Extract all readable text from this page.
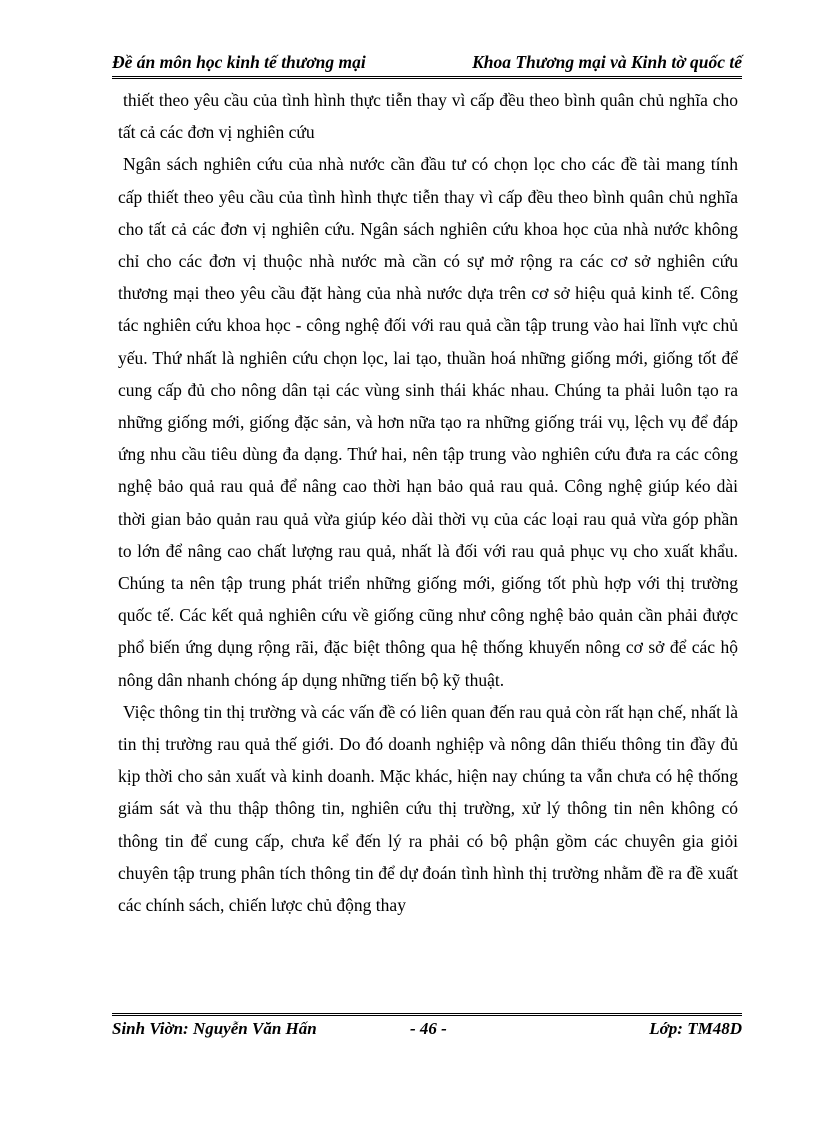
Đề án môn học kinh tế thương mại	Khoa Thương mại và Kinh tờ quốc tế

thiết theo yêu cầu của tình hình thực tiễn thay vì cấp đều theo bình quân chủ nghĩa cho tất cả các đơn vị nghiên cứu

Ngân sách nghiên cứu của nhà nước cần đầu tư có chọn lọc cho các đề tài mang tính cấp thiết theo yêu cầu của tình hình thực tiễn thay vì cấp đều theo bình quân chủ nghĩa cho tất cả các đơn vị nghiên cứu. Ngân sách nghiên cứu khoa học của nhà nước không chỉ cho các đơn vị thuộc nhà nước mà cần có sự mở rộng ra các cơ sở nghiên cứu thương mại theo yêu cầu đặt hàng của nhà nước dựa trên cơ sở hiệu quả kinh tế. Công tác nghiên cứu khoa học - công nghệ đối với rau quả cần tập trung vào hai lĩnh vực chủ yếu. Thứ nhất là nghiên cứu chọn lọc, lai tạo, thuần hoá những giống mới, giống tốt để cung cấp đủ cho nông dân tại các vùng sinh thái khác nhau. Chúng ta phải luôn tạo ra những giống mới, giống đặc sản, và hơn nữa tạo ra những giống trái vụ, lệch vụ để đáp ứng nhu cầu tiêu dùng đa dạng. Thứ hai, nên tập trung vào nghiên cứu đưa ra các công nghệ bảo quả rau quả để nâng cao thời hạn bảo quả rau quả. Công nghệ giúp kéo dài thời gian bảo quản rau quả vừa giúp kéo dài thời vụ của các loại rau quả vừa góp phần to lớn để nâng cao chất lượng rau quả, nhất là đối với rau quả phục vụ cho xuất khẩu. Chúng ta nên tập trung phát triển những giống mới, giống tốt phù hợp với thị trường quốc tế. Các kết quả nghiên cứu về giống cũng như công nghệ bảo quản cần phải được phổ biến ứng dụng rộng rãi, đặc biệt thông qua hệ thống khuyến nông cơ sở để các hộ nông dân nhanh chóng áp dụng những tiến bộ kỹ thuật.

Việc thông tin thị trường và các vấn đề có liên quan đến rau quả còn rất hạn chế, nhất là tin thị trường rau quả thế giới. Do đó doanh nghiệp và nông dân thiếu thông tin đầy đủ kịp thời cho sản xuất và kinh doanh. Mặc khác, hiện nay chúng ta vẫn chưa có hệ thống giám sát và thu thập thông tin, nghiên cứu thị trường, xử lý thông tin nên không có thông tin để cung cấp, chưa kể đến lý ra phải có bộ phận gồm các chuyên gia giỏi chuyên tập trung phân tích thông tin để dự đoán tình hình thị trường nhằm đề ra đề xuất các chính sách, chiến lược chủ động thay

Sinh Viờn: Nguyễn Văn Hấn	- 46 -	Lớp: TM48D
